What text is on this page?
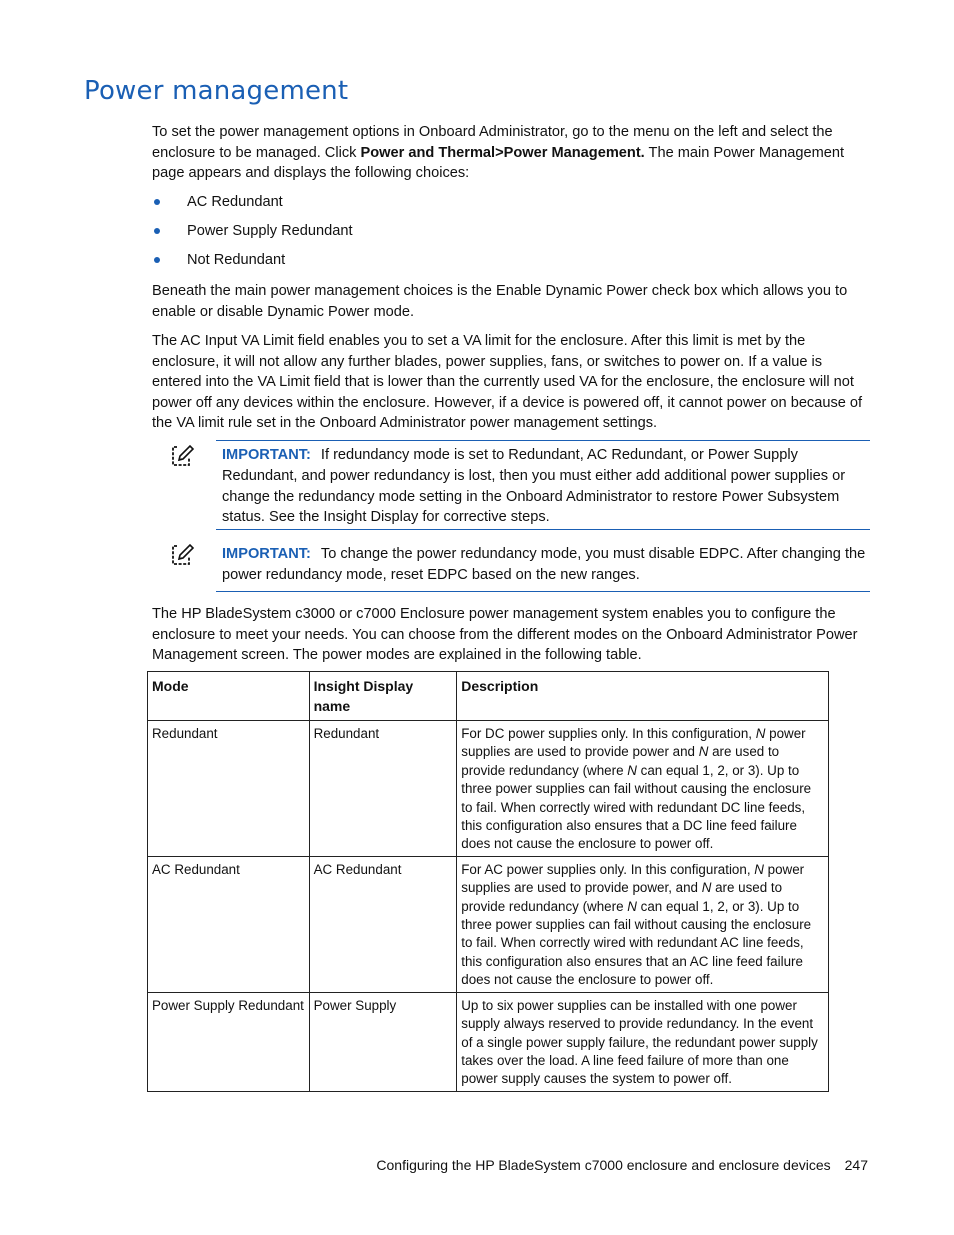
Power management

To set the power management options in Onboard Administrator, go to the menu on the left and select the enclosure to be managed. Click Power and Thermal>Power Management. The main Power Management page appears and displays the following choices:

AC Redundant
Power Supply Redundant
Not Redundant

Beneath the main power management choices is the Enable Dynamic Power check box which allows you to enable or disable Dynamic Power mode.

The AC Input VA Limit field enables you to set a VA limit for the enclosure. After this limit is met by the enclosure, it will not allow any further blades, power supplies, fans, or switches to power on. If a value is entered into the VA Limit field that is lower than the currently used VA for the enclosure, the enclosure will not power off any devices within the enclosure. However, if a device is powered off, it cannot power on because of the VA limit rule set in the Onboard Administrator power management settings.

IMPORTANT: If redundancy mode is set to Redundant, AC Redundant, or Power Supply Redundant, and power redundancy is lost, then you must either add additional power supplies or change the redundancy mode setting in the Onboard Administrator to restore Power Subsystem status. See the Insight Display for corrective steps.
IMPORTANT: To change the power redundancy mode, you must disable EDPC. After changing the power redundancy mode, reset EDPC based on the new ranges.

The HP BladeSystem c3000 or c7000 Enclosure power management system enables you to configure the enclosure to meet your needs. You can choose from the different modes on the Onboard Administrator Power Management screen. The power modes are explained in the following table.

Mode	Insight Display name	Description
Redundant	Redundant	For DC power supplies only. In this configuration, N power supplies are used to provide power and N are used to provide redundancy (where N can equal 1, 2, or 3). Up to three power supplies can fail without causing the enclosure to fail. When correctly wired with redundant DC line feeds, this configuration also ensures that a DC line feed failure does not cause the enclosure to power off.
AC Redundant	AC Redundant	For AC power supplies only. In this configuration, N power supplies are used to provide power, and N are used to provide redundancy (where N can equal 1, 2, or 3). Up to three power supplies can fail without causing the enclosure to fail. When correctly wired with redundant AC line feeds, this configuration also ensures that an AC line feed failure does not cause the enclosure to power off.
Power Supply Redundant	Power Supply	Up to six power supplies can be installed with one power supply always reserved to provide redundancy. In the event of a single power supply failure, the redundant power supply takes over the load. A line feed failure of more than one power supply causes the system to power off.
Configuring the HP BladeSystem c7000 enclosure and enclosure devices 247
